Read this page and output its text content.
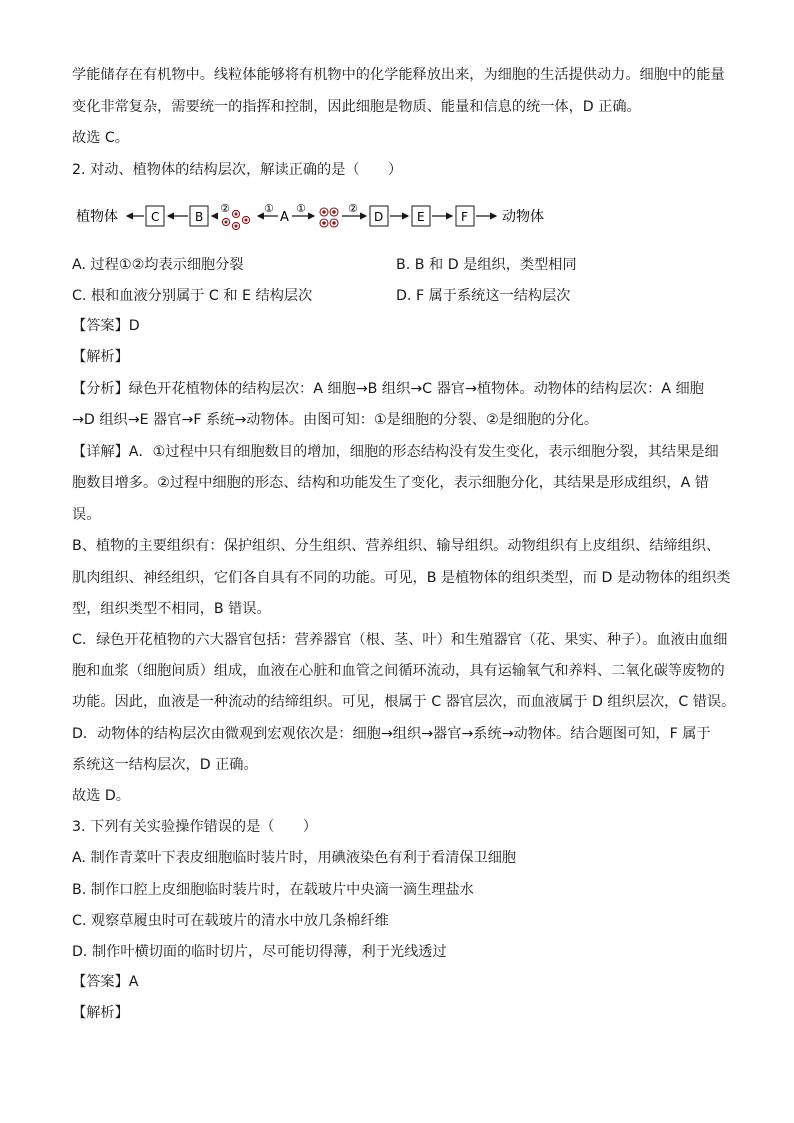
学能储存在有机物中。线粒体能够将有机物中的化学能释放出来，为细胞的生活提供动力。细胞中的能量
变化非常复杂，需要统一的指挥和控制，因此细胞是物质、能量和信息的统一体，D 正确。
故选 C。
2. 对动、植物体的结构层次，解读正确的是（　　）
植物体	C	B
②	①
A
①	②
D	E	F 动物体
A. 过程①②均表示细胞分裂	B. B 和 D 是组织，类型相同
C. 根和血液分别属于 C 和 E 结构层次	D. F 属于系统这一结构层次
【答案】D
【解析】
【分析】绿色开花植物体的结构层次：A 细胞→B 组织→C 器官→植物体。动物体的结构层次：A 细胞
→D 组织→E 器官→F 系统→动物体。由图可知：①是细胞的分裂、②是细胞的分化。
【详解】A．①过程中只有细胞数目的增加，细胞的形态结构没有发生变化，表示细胞分裂，其结果是细
胞数目增多。②过程中细胞的形态、结构和功能发生了变化，表示细胞分化，其结果是形成组织，A 错
误。
B、植物的主要组织有：保护组织、分生组织、营养组织、输导组织。动物组织有上皮组织、结缔组织、
肌肉组织、神经组织，它们各自具有不同的功能。可见，B 是植物体的组织类型，而 D 是动物体的组织类
型，组织类型不相同，B 错误。
C．绿色开花植物的六大器官包括：营养器官（根、茎、叶）和生殖器官（花、果实、种子）。血液由血细
胞和血浆（细胞间质）组成，血液在心脏和血管之间循环流动，具有运输氧气和养料、二氧化碳等废物的
功能。因此，血液是一种流动的结缔组织。可见，根属于 C 器官层次，而血液属于 D 组织层次，C 错误。
D．动物体的结构层次由微观到宏观依次是：细胞→组织→器官→系统→动物体。结合题图可知，F 属于
系统这一结构层次，D 正确。
故选 D。
3. 下列有关实验操作错误的是（　　）
A. 制作青菜叶下表皮细胞临时装片时，用碘液染色有利于看清保卫细胞
B. 制作口腔上皮细胞临时装片时，在载玻片中央滴一滴生理盐水
C. 观察草履虫时可在载玻片的清水中放几条棉纤维
D. 制作叶横切面的临时切片，尽可能切得薄，利于光线透过
【答案】A
【解析】
